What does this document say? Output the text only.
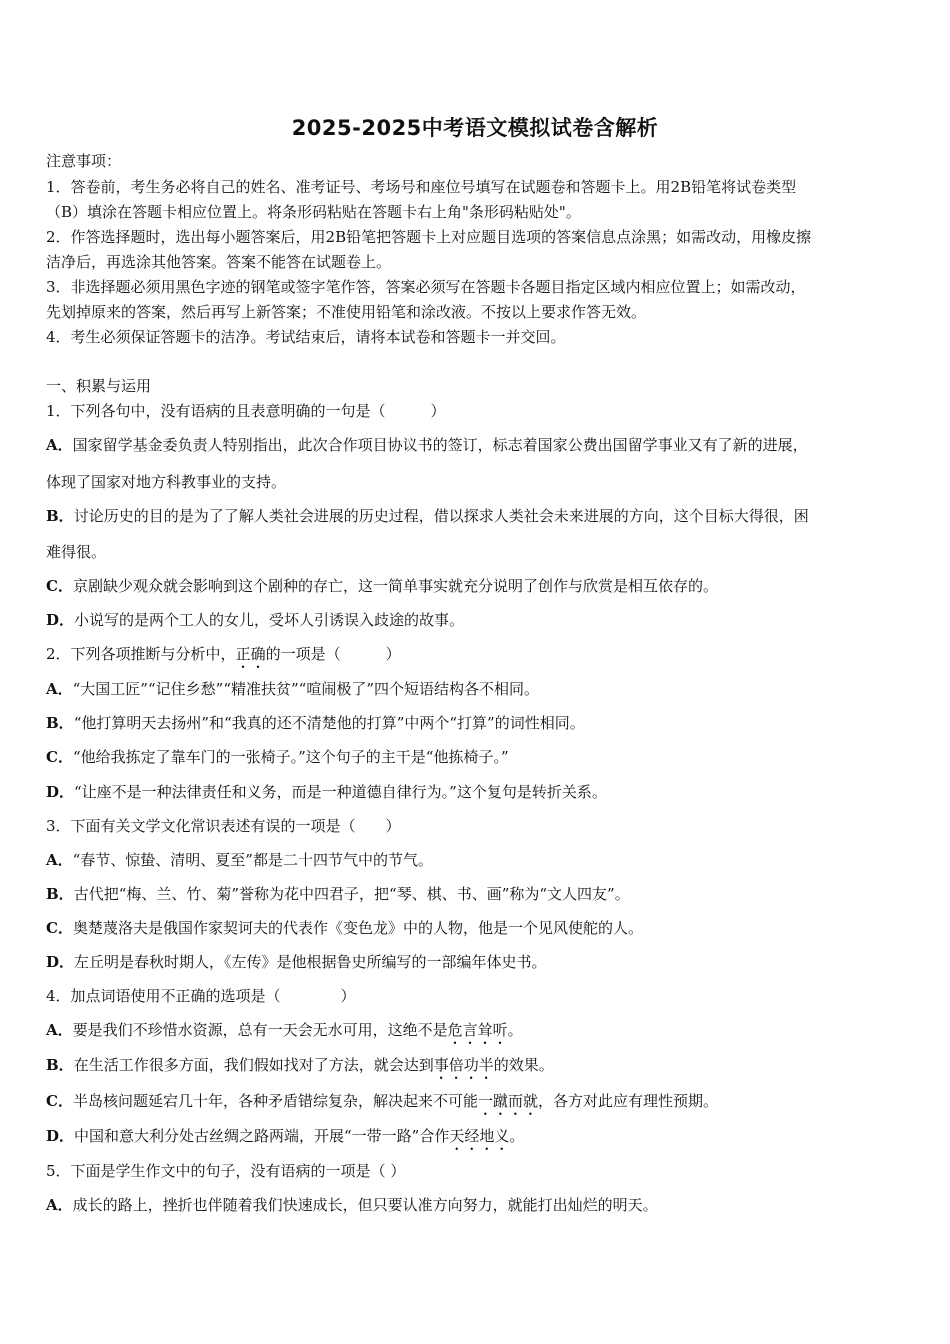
2025-2025中考语文模拟试卷含解析
注意事项：
1．答卷前，考生务必将自己的姓名、准考证号、考场号和座位号填写在试题卷和答题卡上。用2B铅笔将试卷类型
（B）填涂在答题卡相应位置上。将条形码粘贴在答题卡右上角"条形码粘贴处"。
2．作答选择题时，选出每小题答案后，用2B铅笔把答题卡上对应题目选项的答案信息点涂黑；如需改动，用橡皮擦
洁净后，再选涂其他答案。答案不能答在试题卷上。
3．非选择题必须用黑色字迹的钢笔或签字笔作答，答案必须写在答题卡各题目指定区域内相应位置上；如需改动，
先划掉原来的答案，然后再写上新答案；不准使用铅笔和涂改液。不按以上要求作答无效。
4．考生必须保证答题卡的洁净。考试结束后，请将本试卷和答题卡一并交回。
一、积累与运用
1．下列各句中，没有语病的且表意明确的一句是（　　　）
A．国家留学基金委负责人特别指出，此次合作项目协议书的签订，标志着国家公费出国留学事业又有了新的进展，
体现了国家对地方科教事业的支持。
B．讨论历史的目的是为了了解人类社会进展的历史过程，借以探求人类社会未来进展的方向，这个目标大得很，困
难得很。
C．京剧缺少观众就会影响到这个剧种的存亡，这一简单事实就充分说明了创作与欣赏是相互依存的。
D．小说写的是两个工人的女儿，受坏人引诱误入歧途的故事。
2．下列各项推断与分析中，正确的一项是（　　　）
A．“大国工匠”“记住乡愁”“精准扶贫”“喧闹极了”四个短语结构各不相同。
B．“他打算明天去扬州”和“我真的还不清楚他的打算”中两个“打算”的词性相同。
C．“他给我拣定了靠车门的一张椅子。”这个句子的主干是“他拣椅子。”
D．“让座不是一种法律责任和义务，而是一种道德自律行为。”这个复句是转折关系。
3．下面有关文学文化常识表述有误的一项是（　　）
A．“春节、惊蛰、清明、夏至”都是二十四节气中的节气。
B．古代把“梅、兰、竹、菊”誉称为花中四君子，把“琴、棋、书、画”称为“文人四友”。
C．奥楚蔑洛夫是俄国作家契诃夫的代表作《变色龙》中的人物，他是一个见风使舵的人。
D．左丘明是春秋时期人，《左传》是他根据鲁史所编写的一部编年体史书。
4．加点词语使用不正确的选项是（　　　　）
A．要是我们不珍惜水资源，总有一天会无水可用，这绝不是危言耸听。
B．在生活工作很多方面，我们假如找对了方法，就会达到事倍功半的效果。
C．半岛核问题延宕几十年，各种矛盾错综复杂，解决起来不可能一蹴而就，各方对此应有理性预期。
D．中国和意大利分处古丝绸之路两端，开展“一带一路”合作天经地义。
5．下面是学生作文中的句子，没有语病的一项是（ ）
A．成长的路上，挫折也伴随着我们快速成长，但只要认准方向努力，就能打出灿烂的明天。
